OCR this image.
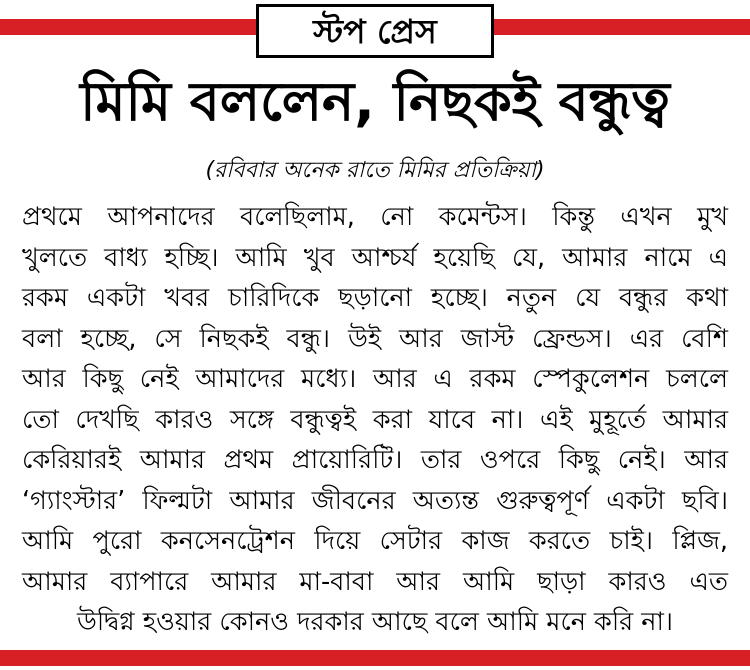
স্টপ প্রেস
মিমি বললেন, নিছকই বন্ধুত্ব
(রবিবার অনেক রাতে মিমির প্রতিক্রিয়া)
প্রথমে আপনাদের বলেছিলাম, নো কমেন্টস। কিন্তু এখন মুখ
খুলতে বাধ্য হচ্ছি। আমি খুব আশ্চর্য হয়েছি যে, আমার নামে এ
রকম একটা খবর চারিদিকে ছড়ানো হচ্ছে। নতুন যে বন্ধুর কথা
বলা হচ্ছে, সে নিছকই বন্ধু। উই আর জাস্ট ফ্রেন্ডস। এর বেশি
আর কিছু নেই আমাদের মধ্যে। আর এ রকম স্পেকুলেশন চললে
তো দেখছি কারও সঙ্গে বন্ধুত্বই করা যাবে না। এই মুহূর্তে আমার
কেরিয়ারই আমার প্রথম প্রায়োরিটি। তার ওপরে কিছু নেই। আর
‘গ্যাংস্টার’ ফিল্মটা আমার জীবনের অত্যন্ত গুরুত্বপূর্ণ একটা ছবি।
আমি পুরো কনসেনট্রেশন দিয়ে সেটার কাজ করতে চাই। প্লিজ,
আমার ব্যাপারে আমার মা-বাবা আর আমি ছাড়া কারও এত
উদ্বিগ্ন হওয়ার কোনও দরকার আছে বলে আমি মনে করি না।
